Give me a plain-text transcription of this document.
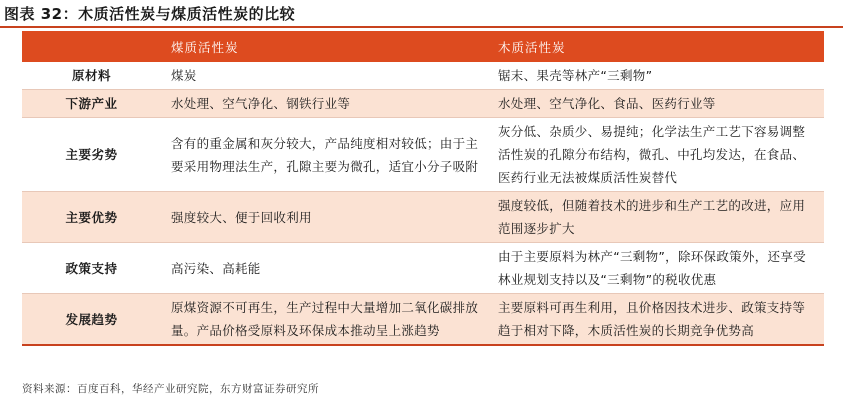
图表 32：木质活性炭与煤质活性炭的比较
	煤质活性炭	木质活性炭
原材料	煤炭	锯末、果壳等林产“三剩物”
下游产业	水处理、空气净化、钢铁行业等	水处理、空气净化、食品、医药行业等
主要劣势	含有的重金属和灰分较大，产品纯度相对较低；由于主要采用物理法生产，孔隙主要为微孔，适宜小分子吸附	灰分低、杂质少、易提纯；化学法生产工艺下容易调整活性炭的孔隙分布结构，微孔、中孔均发达，在食品、医药行业无法被煤质活性炭替代
主要优势	强度较大、便于回收利用	强度较低，但随着技术的进步和生产工艺的改进，应用范围逐步扩大
政策支持	高污染、高耗能	由于主要原料为林产“三剩物”，除环保政策外，还享受林业规划支持以及“三剩物”的税收优惠
发展趋势	原煤资源不可再生，生产过程中大量增加二氧化碳排放量。产品价格受原料及环保成本推动呈上涨趋势	主要原料可再生利用，且价格因技术进步、政策支持等趋于相对下降，木质活性炭的长期竞争优势高
资料来源：百度百科，华经产业研究院，东方财富证券研究所
